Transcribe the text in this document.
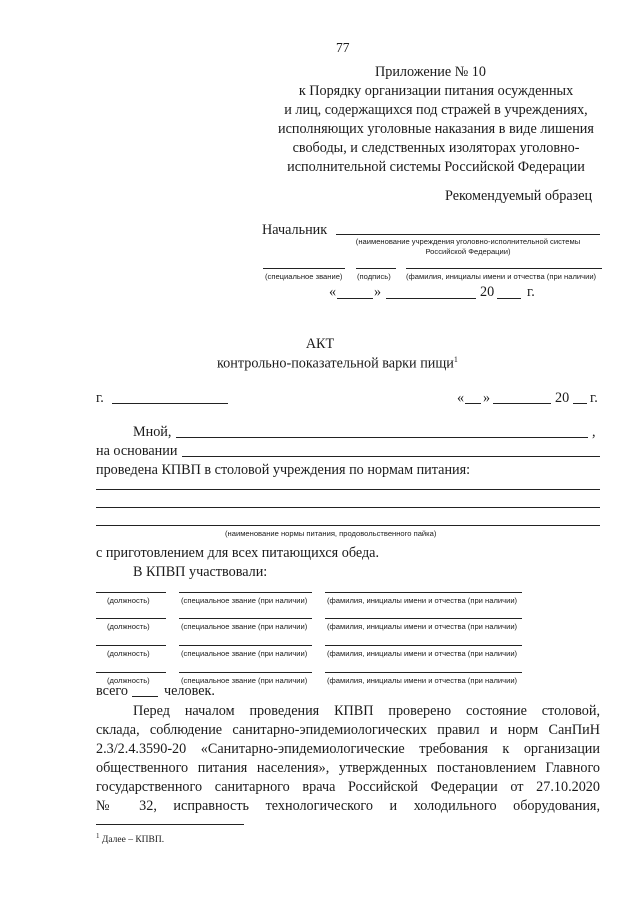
77
Приложение № 10
к Порядку организации питания осужденных
и лиц, содержащихся под стражей в учреждениях,
исполняющих уголовные наказания в виде лишения
свободы, и следственных изоляторах уголовно-
исполнительной системы Российской Федерации
Рекомендуемый образец
Начальник
(наименование учреждения уголовно-исполнительной системы
Российской Федерации)
(специальное звание) (подпись) (фамилия, инициалы имени и отчества (при наличии)
«	»	20 г.
АКТ
контрольно-показательной варки пищи$^1$
г.	« »	20 г.
Мной,	,
на основании
проведена КПВП в столовой учреждения по нормам питания:
(наименование нормы питания, продовольственного пайка)
с приготовлением для всех питающихся обеда.
В КПВП участвовали:
(должность)	(специальное звание (при наличии)	(фамилия, инициалы имени и отчества (при наличии)
(должность)	(специальное звание (при наличии)	(фамилия, инициалы имени и отчества (при наличии)
(должность)	(специальное звание (при наличии)	(фамилия, инициалы имени и отчества (при наличии)
(должность)	(специальное звание (при наличии)	(фамилия, инициалы имени и отчества (при наличии)
всего	человек.
Перед началом проведения КПВП проверено состояние столовой,
склада, соблюдение санитарно-эпидемиологических правил и норм СанПиН
2.3/2.4.3590-20 «Санитарно-эпидемиологические требования к организации
общественного питания населения», утвержденных постановлением Главного
государственного санитарного врача Российской Федерации от 27.10.2020
№ 32, исправность технологического и холодильного оборудования,
$^1$ Далее – КПВП.
